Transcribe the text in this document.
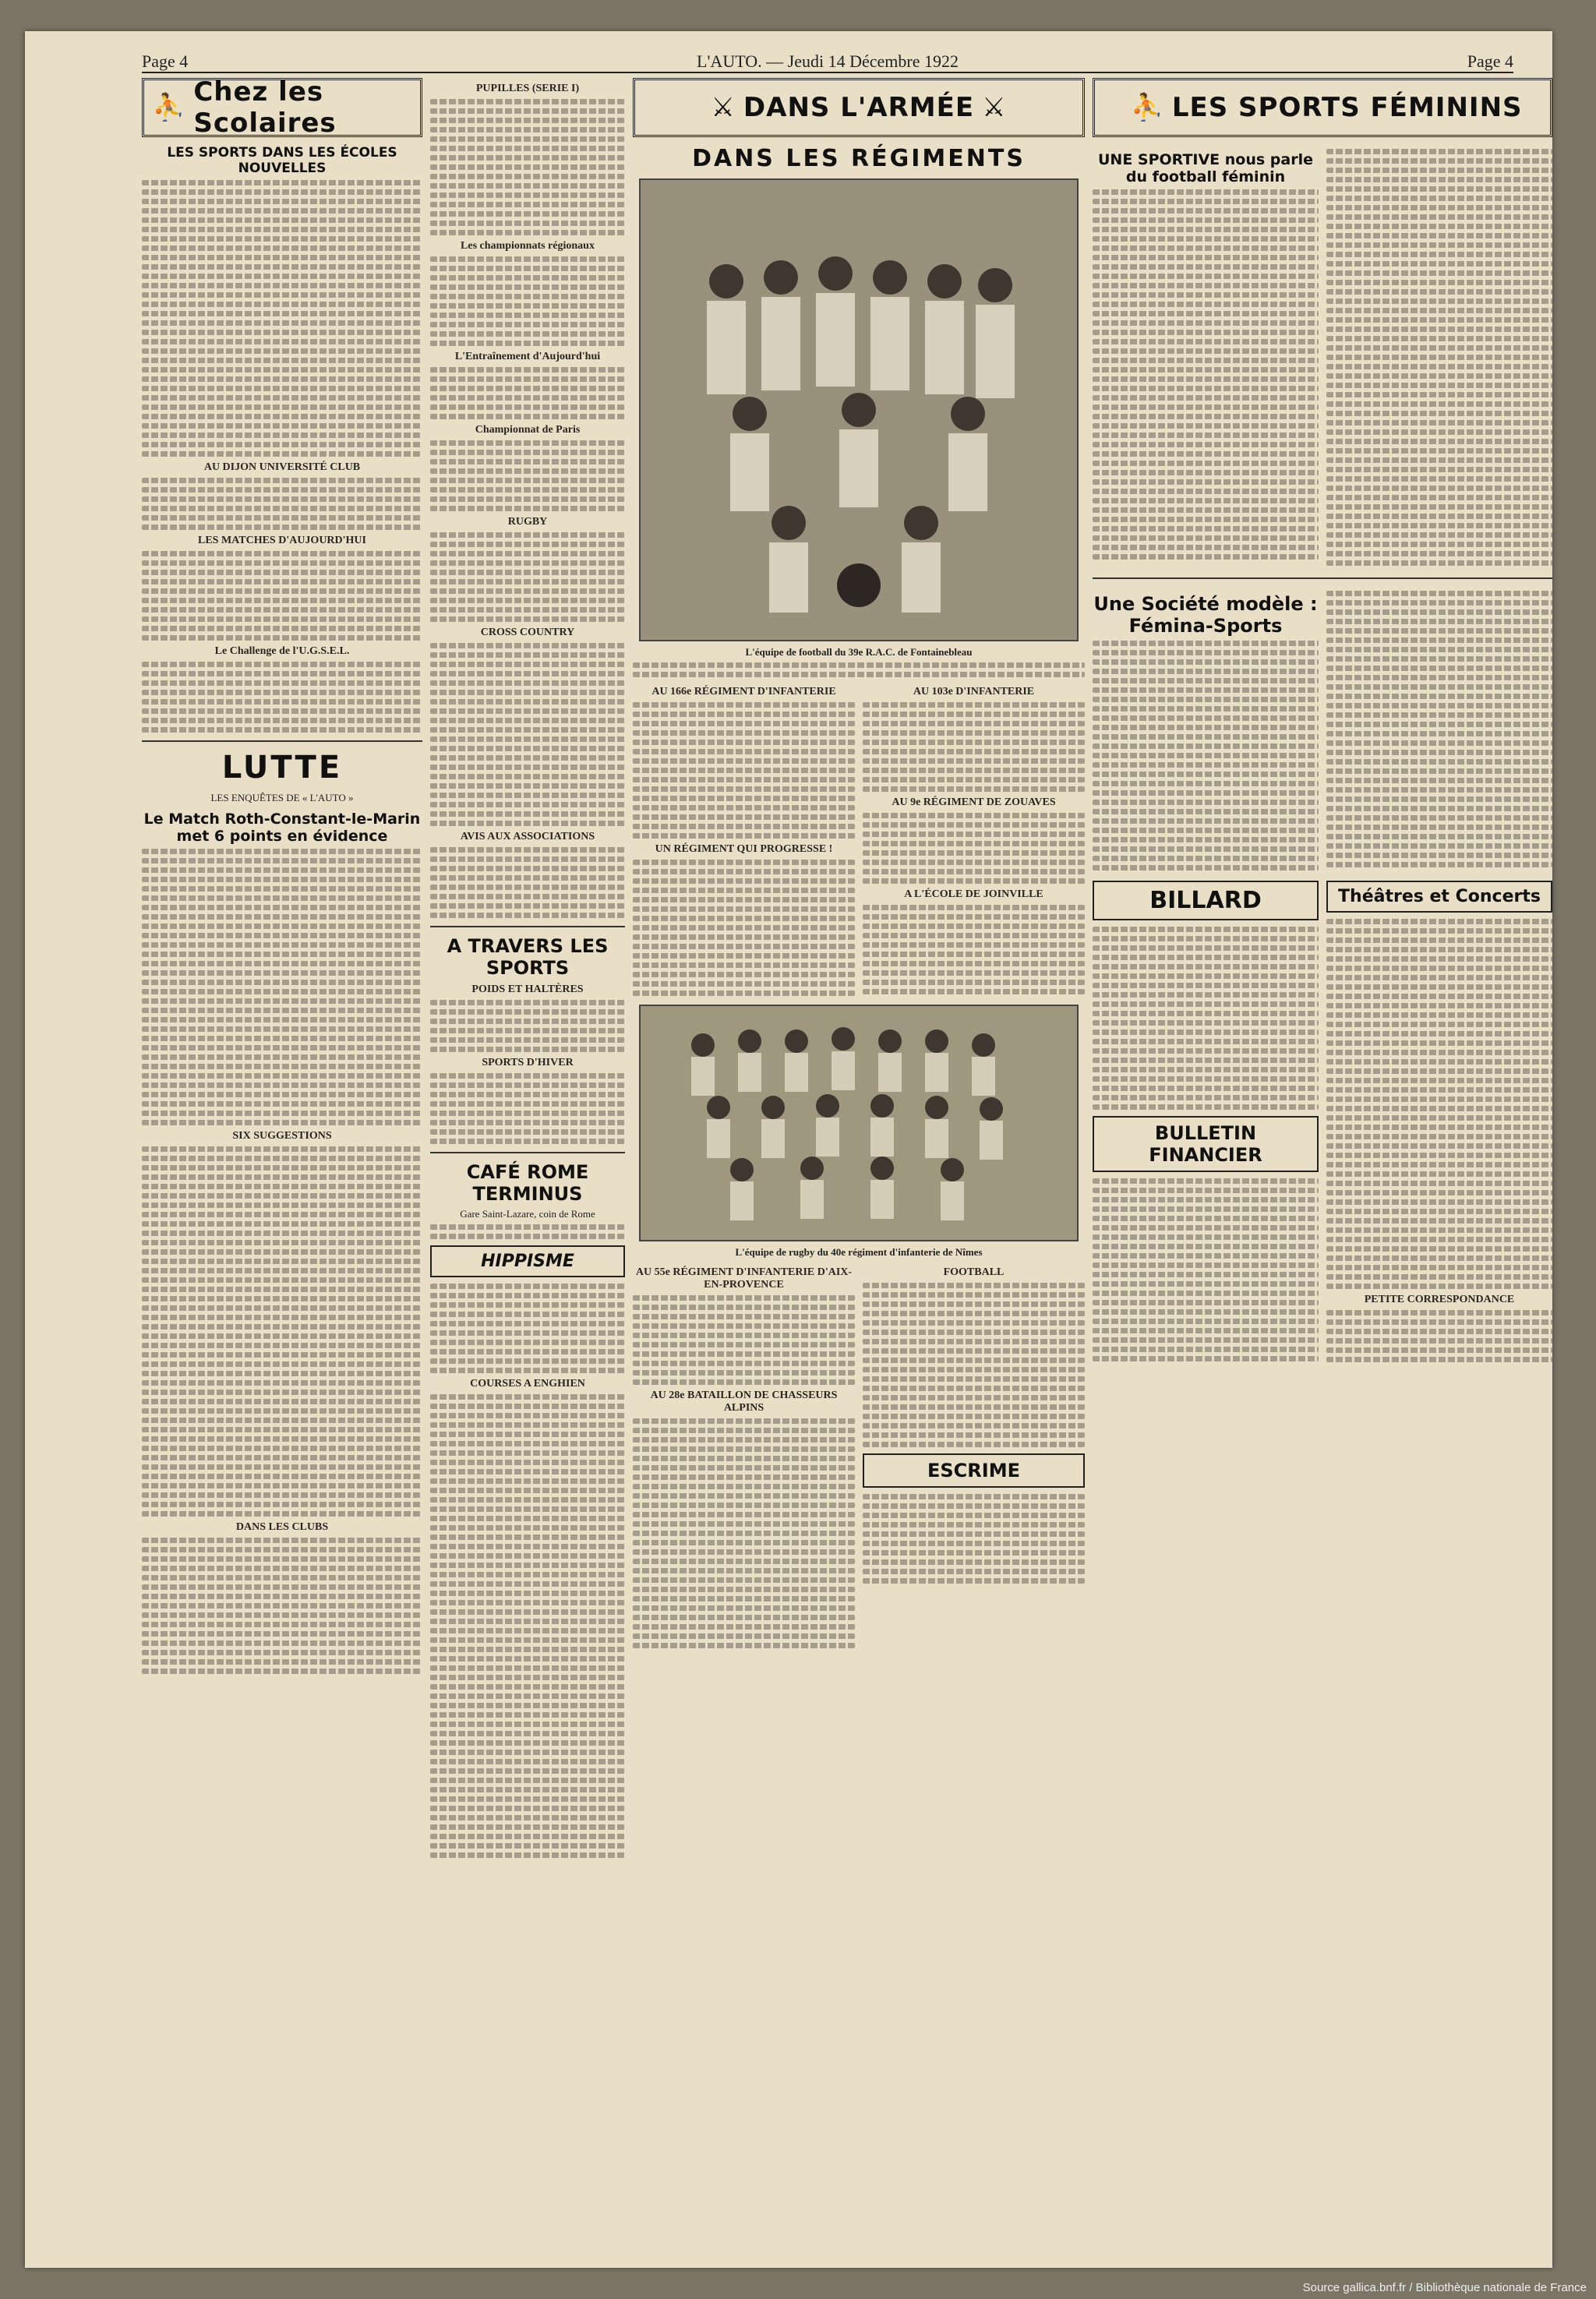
Page 4	L'AUTO. — Jeudi 14 Décembre 1922	Page 4
⛹ Chez les Scolaires
LES SPORTS DANS LES ÉCOLES NOUVELLES
AU DIJON UNIVERSITÉ CLUB
LES MATCHES D'AUJOURD'HUI
Le Challenge de l'U.G.S.E.L.
LUTTE
LES ENQUÊTES DE « L'AUTO »
Le Match Roth-Constant-le-Marin met 6 points en évidence
SIX SUGGESTIONS
DANS LES CLUBS
PUPILLES (SERIE I)
Les championnats régionaux
L'Entraînement d'Aujourd'hui
Championnat de Paris
RUGBY
CROSS COUNTRY
AVIS AUX ASSOCIATIONS
A TRAVERS LES SPORTS
POIDS ET HALTÈRES
SPORTS D'HIVER
CAFÉ ROME TERMINUS
Gare Saint-Lazare, coin de Rome
HIPPISME
COURSES A ENGHIEN
⚔ DANS L'ARMÉE ⚔
DANS LES RÉGIMENTS
L'équipe de football du 39e R.A.C. de Fontainebleau
AU 166e RÉGIMENT D'INFANTERIE
UN RÉGIMENT QUI PROGRESSE !
AU 103e D'INFANTERIE
AU 9e RÉGIMENT DE ZOUAVES
A L'ÉCOLE DE JOINVILLE
L'équipe de rugby du 40e régiment d'infanterie de Nîmes
AU 55e RÉGIMENT D'INFANTERIE D'AIX-EN-PROVENCE
AU 28e BATAILLON DE CHASSEURS ALPINS
FOOTBALL
ESCRIME
⛹ LES SPORTS FÉMININS
UNE SPORTIVE nous parle du football féminin
Une Société modèle : Fémina-Sports
BILLARD
BULLETIN FINANCIER
Théâtres et Concerts
PETITE CORRESPONDANCE
Source gallica.bnf.fr / Bibliothèque nationale de France
